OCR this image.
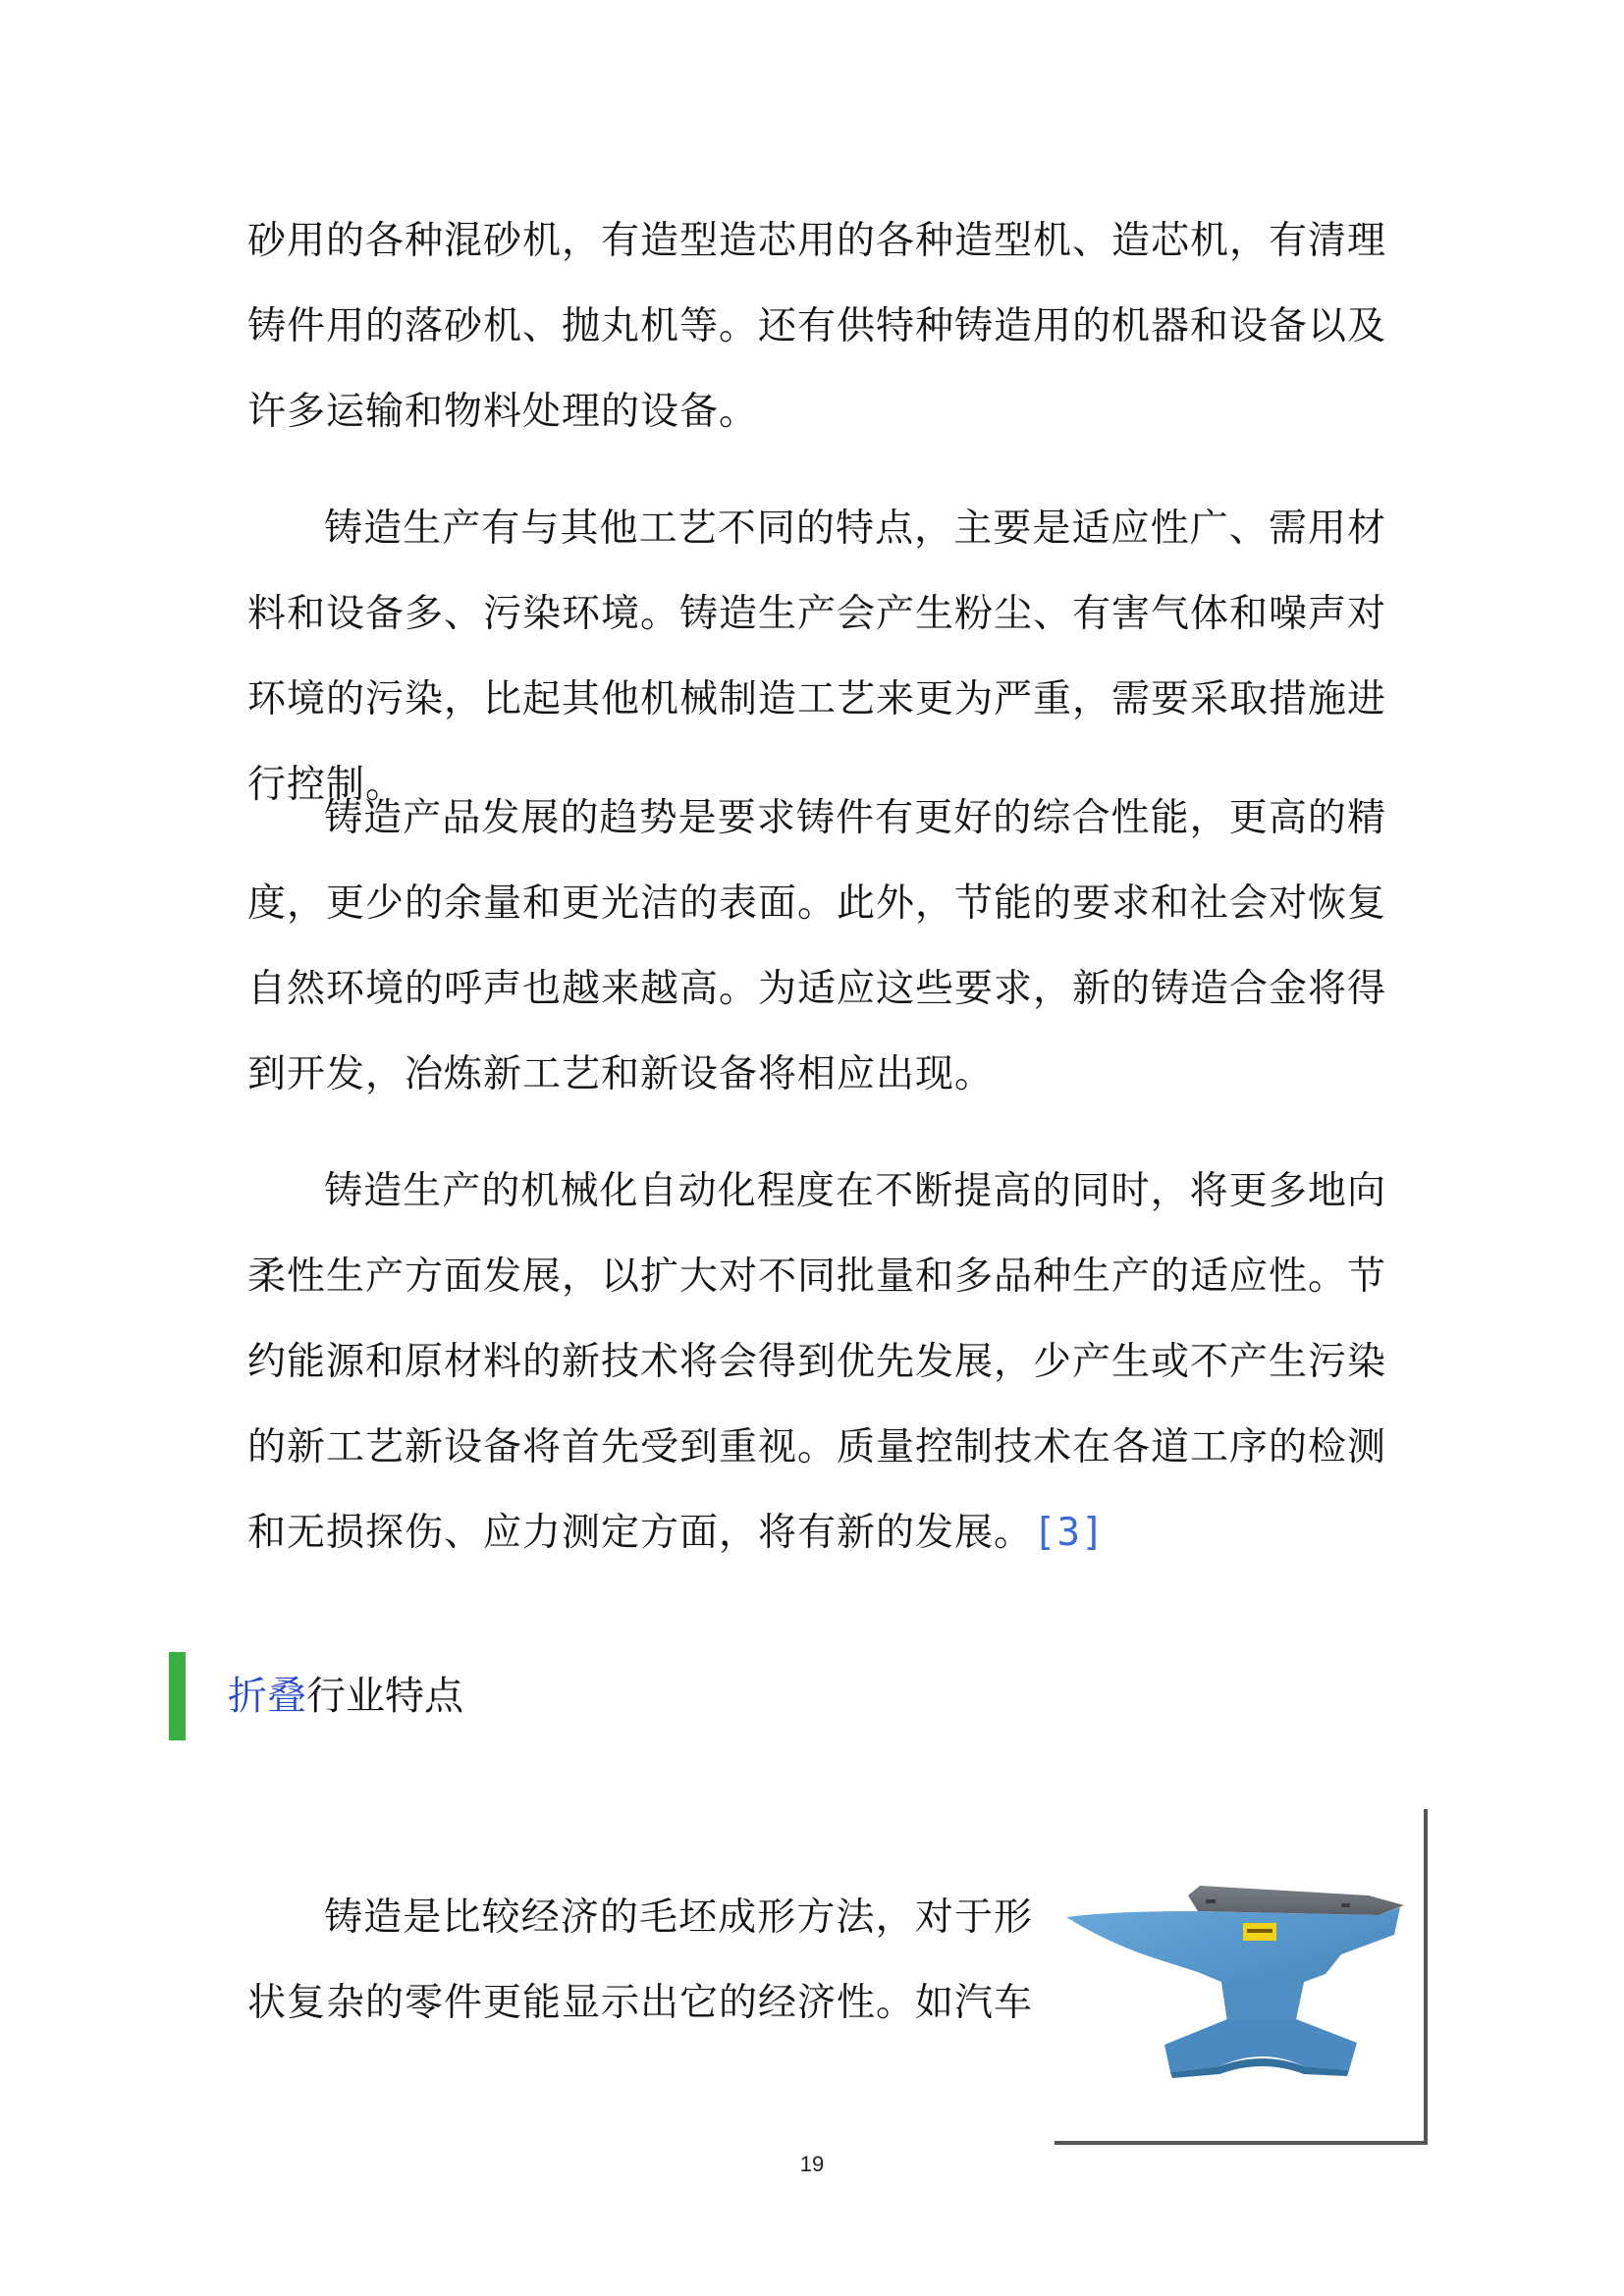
砂用的各种混砂机，有造型造芯用的各种造型机、造芯机，有清理铸件用的落砂机、抛丸机等。还有供特种铸造用的机器和设备以及许多运输和物料处理的设备。

铸造生产有与其他工艺不同的特点，主要是适应性广、需用材料和设备多、污染环境。铸造生产会产生粉尘、有害气体和噪声对环境的污染，比起其他机械制造工艺来更为严重，需要采取措施进行控制。

铸造产品发展的趋势是要求铸件有更好的综合性能，更高的精度，更少的余量和更光洁的表面。此外，节能的要求和社会对恢复自然环境的呼声也越来越高。为适应这些要求，新的铸造合金将得到开发，冶炼新工艺和新设备将相应出现。

铸造生产的机械化自动化程度在不断提高的同时，将更多地向柔性生产方面发展，以扩大对不同批量和多品种生产的适应性。节约能源和原材料的新技术将会得到优先发展，少产生或不产生污染的新工艺新设备将首先受到重视。质量控制技术在各道工序的检测和无损探伤、应力测定方面，将有新的发展。[3]

折叠行业特点

铸造是比较经济的毛坯成形方法，对于形状复杂的零件更能显示出它的经济性。如汽车

19
